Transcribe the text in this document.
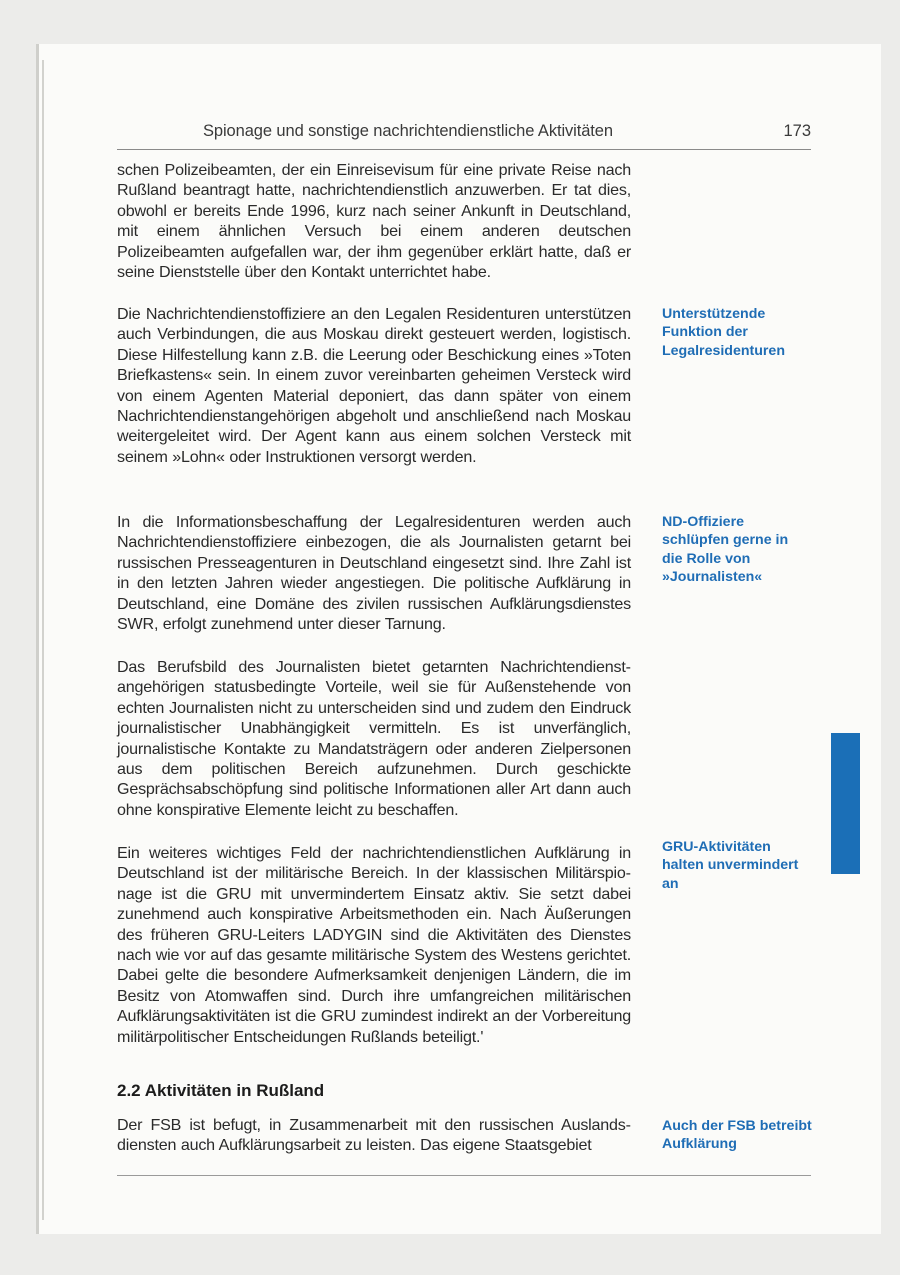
Spionage und sonstige nachrichtendienstliche Aktivitäten	173

schen Polizeibeamten, der ein Einreisevisum für eine private Reise nach Rußland beantragt hatte, nachrichtendienstlich anzuwerben. Er tat dies, obwohl er bereits Ende 1996, kurz nach seiner Ankunft in Deutschland, mit einem ähnlichen Versuch bei einem anderen deutschen Polizeibeamten aufgefallen war, der ihm gegenüber erklärt hatte, daß er seine Dienststelle über den Kontakt unterrichtet habe.

Die Nachrichtendienstoffiziere an den Legalen Residenturen unterstützen auch Verbindungen, die aus Moskau direkt gesteuert werden, logistisch. Diese Hilfestellung kann z.B. die Leerung oder Beschickung eines »Toten Briefkastens« sein. In einem zuvor vereinbarten geheimen Versteck wird von einem Agenten Material deponiert, das dann später von einem Nachrichtendienstangehörigen abgeholt und anschließend nach Moskau weitergeleitet wird. Der Agent kann aus einem solchen Versteck mit seinem »Lohn« oder Instruktionen versorgt werden.

In die Informationsbeschaffung der Legalresidenturen werden auch Nachrichtendienstoffiziere einbezogen, die als Journalisten getarnt bei russischen Presseagenturen in Deutschland eingesetzt sind. Ihre Zahl ist in den letzten Jahren wieder angestiegen. Die politische Aufklärung in Deutschland, eine Domäne des zivilen russischen Aufklärungsdienstes SWR, erfolgt zunehmend unter dieser Tarnung.

Das Berufsbild des Journalisten bietet getarnten Nachrichtendienstangehörigen statusbedingte Vorteile, weil sie für Außenstehende von echten Journalisten nicht zu unterscheiden sind und zudem den Eindruck journalistischer Unabhängigkeit vermitteln. Es ist unverfänglich, journalistische Kontakte zu Mandatsträgern oder anderen Zielpersonen aus dem politischen Bereich aufzunehmen. Durch geschickte Gesprächsabschöpfung sind politische Informationen aller Art dann auch ohne konspirative Elemente leicht zu beschaffen.

Ein weiteres wichtiges Feld der nachrichtendienstlichen Aufklärung in Deutschland ist der militärische Bereich. In der klassischen Militärspionage ist die GRU mit unvermindertem Einsatz aktiv. Sie setzt dabei zunehmend auch konspirative Arbeitsmethoden ein. Nach Äußerungen des früheren GRU-Leiters LADYGIN sind die Aktivitäten des Dienstes nach wie vor auf das gesamte militärische System des Westens gerichtet. Dabei gelte die besondere Aufmerksamkeit denjenigen Ländern, die im Besitz von Atomwaffen sind. Durch ihre umfangreichen militärischen Aufklärungsaktivitäten ist die GRU zumindest indirekt an der Vorbereitung militärpolitischer Entscheidungen Rußlands beteiligt.'

2.2 Aktivitäten in Rußland

Der FSB ist befugt, in Zusammenarbeit mit den russischen Auslandsdiensten auch Aufklärungsarbeit zu leisten. Das eigene Staatsgebiet

Unterstützende Funktion der Legalresidenturen
ND-Offiziere schlüpfen gerne in die Rolle von »Journalisten«
GRU-Aktivitäten halten unvermindert an
Auch der FSB betreibt Aufklärung
